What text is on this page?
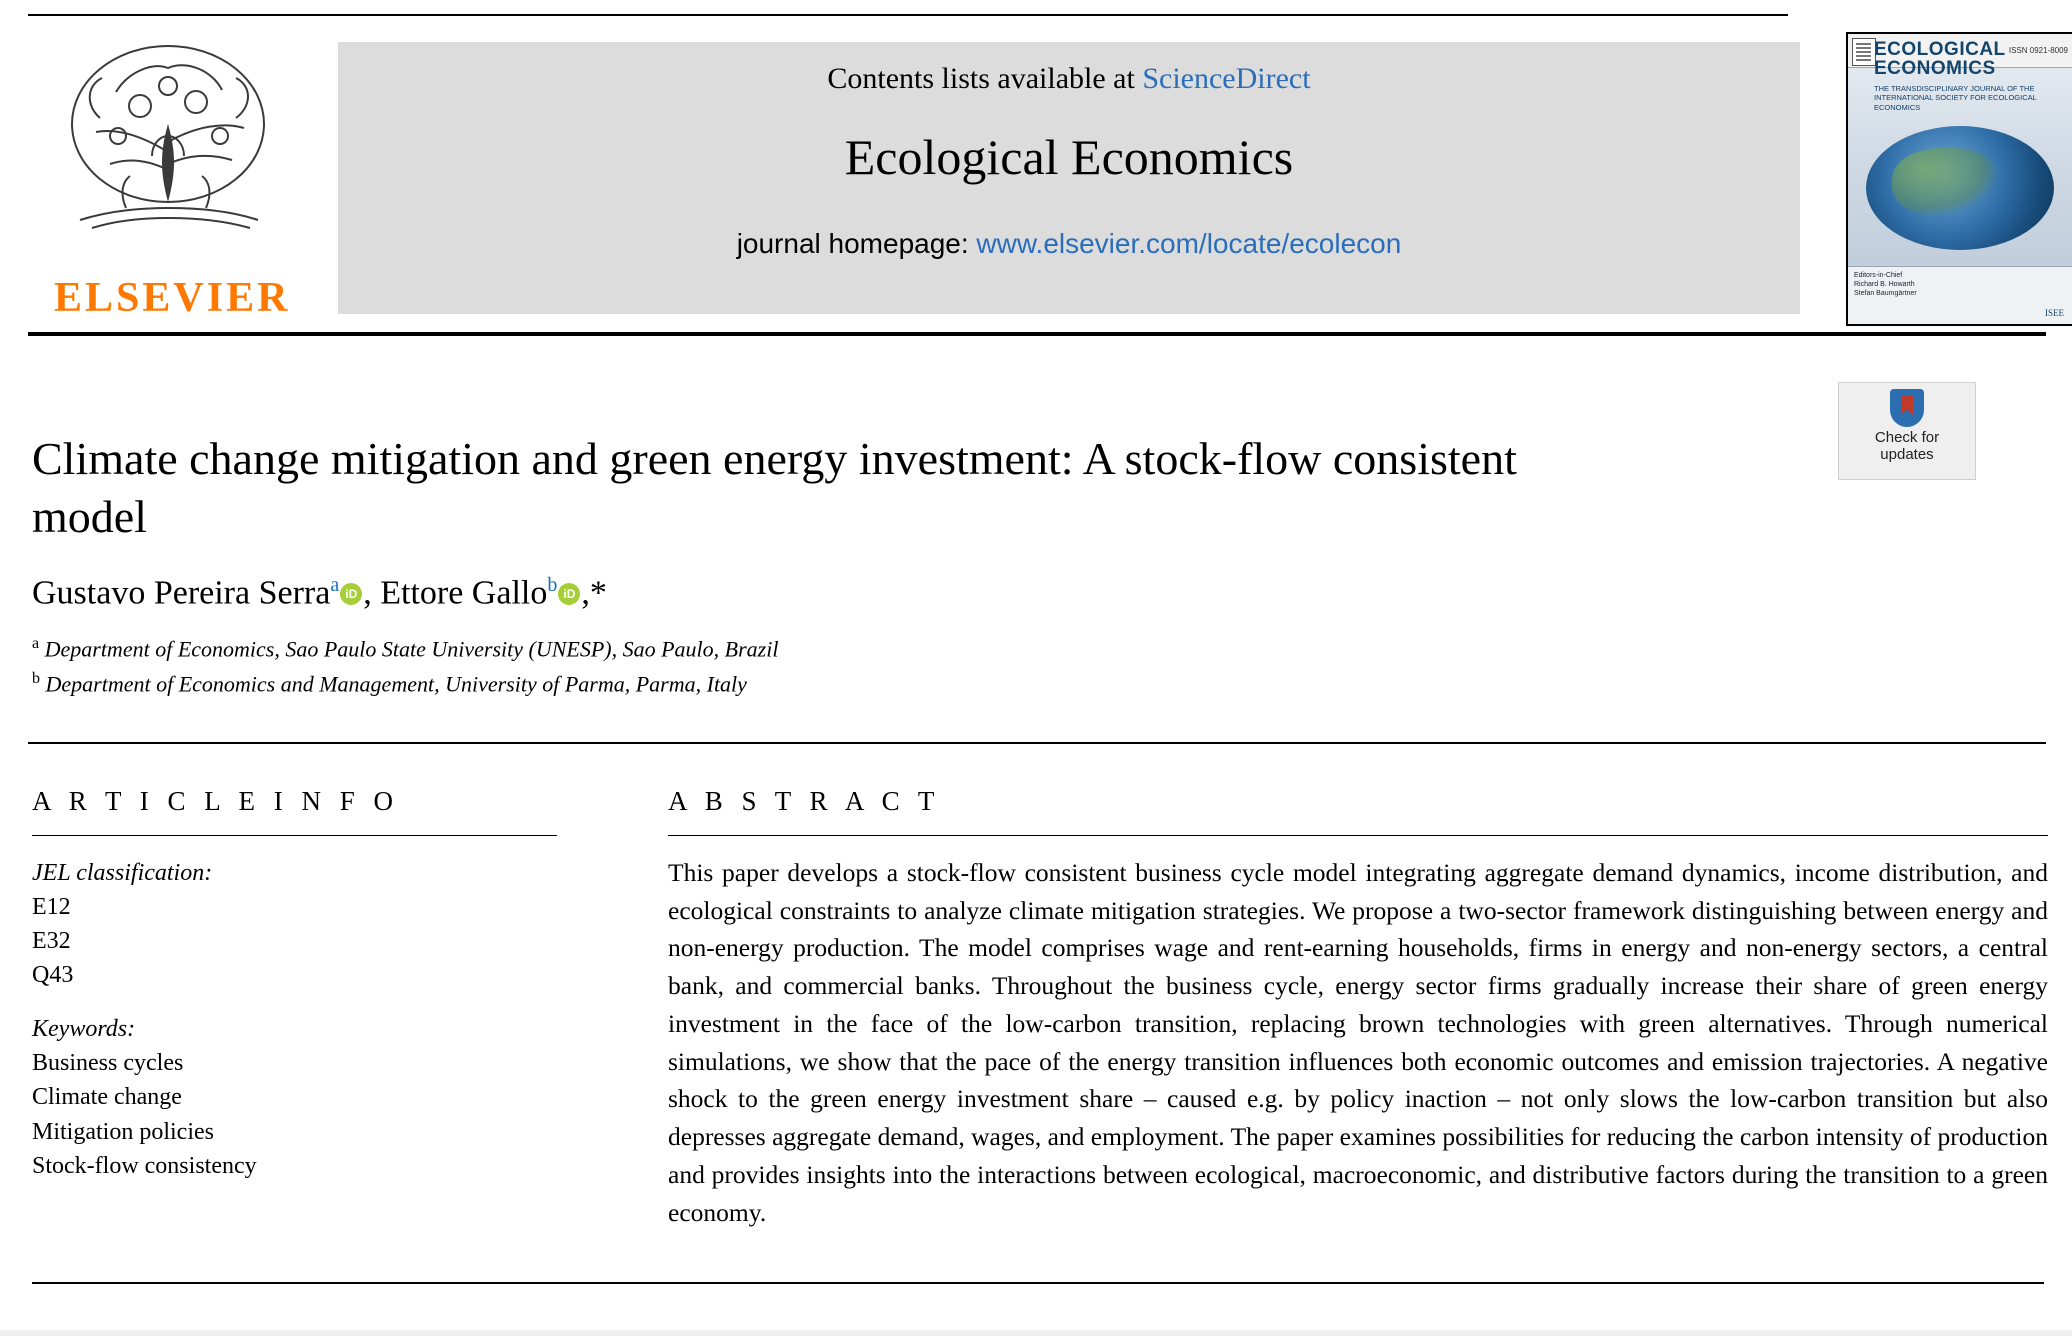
ELSEVIER
Contents lists available at ScienceDirect
Ecological Economics
journal homepage: www.elsevier.com/locate/ecolecon
ISSN 0921-8009
ECOLOGICAL
ECONOMICS
THE TRANSDISCIPLINARY JOURNAL OF THE INTERNATIONAL SOCIETY FOR ECOLOGICAL ECONOMICS
Editors-in-Chief
Richard B. Howarth
Stefan Baumgärtner
ISEE
Check for
updates
Climate change mitigation and green energy investment: A stock-flow consistent model
Gustavo Pereira Serra$^a$ iD , Ettore Gallo$^b$ iD ,*
$^a$ Department of Economics, Sao Paulo State University (UNESP), Sao Paulo, Brazil
$^b$ Department of Economics and Management, University of Parma, Parma, Italy
A R T I C L E I N F O
JEL classification:
E12
E32
Q43
Keywords:
Business cycles
Climate change
Mitigation policies
Stock-flow consistency
A B S T R A C T
This paper develops a stock-flow consistent business cycle model integrating aggregate demand dynamics, income distribution, and ecological constraints to analyze climate mitigation strategies. We propose a two-sector framework distinguishing between energy and non-energy production. The model comprises wage and rent-earning households, firms in energy and non-energy sectors, a central bank, and commercial banks. Throughout the business cycle, energy sector firms gradually increase their share of green energy investment in the face of the low-carbon transition, replacing brown technologies with green alternatives. Through numerical simulations, we show that the pace of the energy transition influences both economic outcomes and emission trajectories. A negative shock to the green energy investment share – caused e.g. by policy inaction – not only slows the low-carbon transition but also depresses aggregate demand, wages, and employment. The paper examines possibilities for reducing the carbon intensity of production and provides insights into the interactions between ecological, macroeconomic, and distributive factors during the transition to a green economy.
